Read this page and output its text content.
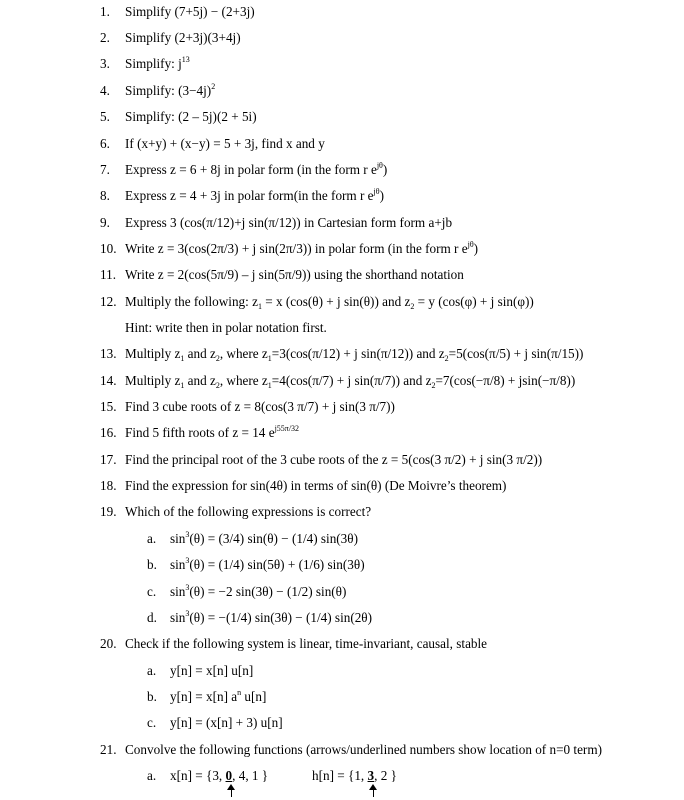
1. Simplify (7+5j) − (2+3j)
2. Simplify (2+3j)(3+4j)
3. Simplify: $j^{13}$
4. Simplify: $(3-4j)^2$
5. Simplify: (2 – 5j)(2 + 5i)
6. If (x+y) + (x−y) = 5 + 3j, find x and y
7. Express z = 6 + 8j in polar form (in the form r $e^{j\theta}$)
8. Express z = 4 + 3j in polar form(in the form r $e^{j\theta}$)
9. Express 3 (cos(π/12)+j sin(π/12)) in Cartesian form form a+jb
10. Write z = 3(cos(2π/3) + j sin(2π/3)) in polar form (in the form r $e^{j\theta}$)
11. Write z = 2(cos(5π/9) – j sin(5π/9)) using the shorthand notation
12. Multiply the following: $z_1 = x$ (cos(θ) + j sin(θ)) and $z_2 = y$ (cos(φ) + j sin(φ))
Hint: write then in polar notation first.
13. Multiply $z_1$ and $z_2$, where $z_1=3(\cos(\pi/12) + j$ sin(π/12)) and $z_2=5(\cos(\pi/5) + j$ sin(π/15))
14. Multiply $z_1$ and $z_2$, where $z_1=4(\cos(\pi/7) + j$ sin(π/7)) and $z_2=7(\cos(-\pi/8) + jsin(-\pi/8))$
15. Find 3 cube roots of z = 8(cos(3 π/7) + j sin(3 π/7))
16. Find 5 fifth roots of z = 14 $e^{j55\pi/32}$
17. Find the principal root of the 3 cube roots of the z = 5(cos(3 π/2) + j sin(3 π/2))
18. Find the expression for sin(4θ) in terms of sin(θ) (De Moivre’s theorem)
19. Which of the following expressions is correct?
a. $\sin^3(\theta) = (3/4) \sin(\theta) - (1/4)$ sin(3θ)
b. $\sin^3(\theta) = (1/4) \sin(5\theta) + (1/6)$ sin(3θ)
c. $\sin^3(\theta) = -2$ sin(3θ) − (1/2) sin(θ)
d. $\sin^3(\theta) = -(1/4) \sin(3\theta) - (1/4)$ sin(2θ)
20. Check if the following system is linear, time-invariant, causal, stable
a. y[n] = x[n] u[n]
b. y[n] = x[n] $a^n$ u[n]
c. y[n] = (x[n] + 3) u[n]
21. Convolve the following functions (arrows/underlined numbers show location of n=0 term)
a. x[n] = {3, 0, 4, 1 }	h[n] = {1, 3, 2 }
